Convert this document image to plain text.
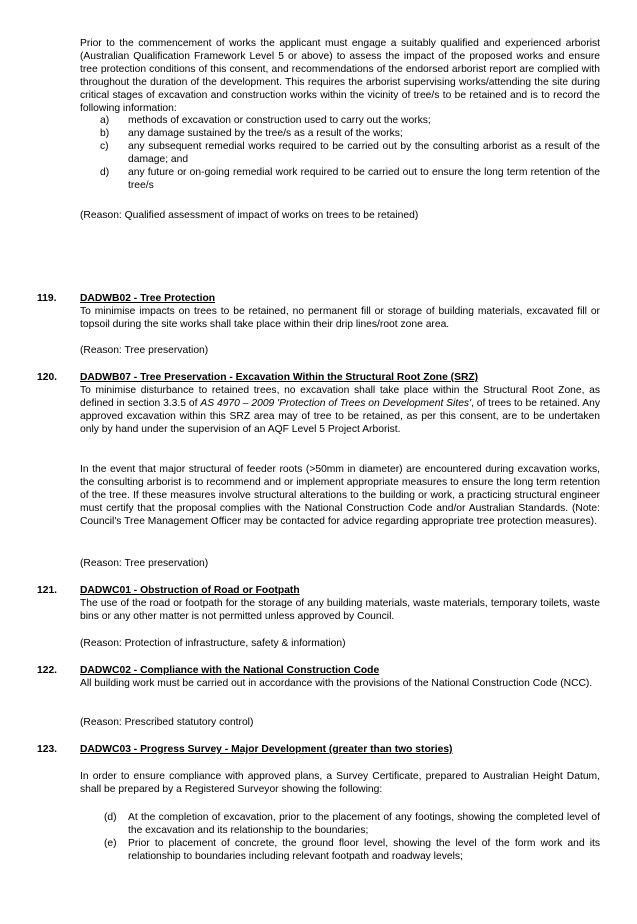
Prior to the commencement of works the applicant must engage a suitably qualified and experienced arborist (Australian Qualification Framework Level 5 or above) to assess the impact of the proposed works and ensure tree protection conditions of this consent, and recommendations of the endorsed arborist report are complied with throughout the duration of the development. This requires the arborist supervising works/attending the site during critical stages of excavation and construction works within the vicinity of tree/s to be retained and is to record the following information:

a) methods of excavation or construction used to carry out the works;
b) any damage sustained by the tree/s as a result of the works;
c) any subsequent remedial works required to be carried out by the consulting arborist as a result of the damage; and
d) any future or on-going remedial work required to be carried out to ensure the long term retention of the tree/s

(Reason: Qualified assessment of impact of works on trees to be retained)

119. DADWB02 - Tree Protection

To minimise impacts on trees to be retained, no permanent fill or storage of building materials, excavated fill or topsoil during the site works shall take place within their drip lines/root zone area.

(Reason: Tree preservation)

120. DADWB07 - Tree Preservation - Excavation Within the Structural Root Zone (SRZ)

To minimise disturbance to retained trees, no excavation shall take place within the Structural Root Zone, as defined in section 3.3.5 of AS 4970 – 2009 'Protection of Trees on Development Sites', of trees to be retained. Any approved excavation within this SRZ area may of tree to be retained, as per this consent, are to be undertaken only by hand under the supervision of an AQF Level 5 Project Arborist.

In the event that major structural of feeder roots (>50mm in diameter) are encountered during excavation works, the consulting arborist is to recommend and or implement appropriate measures to ensure the long term retention of the tree. If these measures involve structural alterations to the building or work, a practicing structural engineer must certify that the proposal complies with the National Construction Code and/or Australian Standards. (Note: Council's Tree Management Officer may be contacted for advice regarding appropriate tree protection measures).

(Reason: Tree preservation)

121. DADWC01 - Obstruction of Road or Footpath

The use of the road or footpath for the storage of any building materials, waste materials, temporary toilets, waste bins or any other matter is not permitted unless approved by Council.

(Reason: Protection of infrastructure, safety & information)

122. DADWC02 - Compliance with the National Construction Code

All building work must be carried out in accordance with the provisions of the National Construction Code (NCC).

(Reason: Prescribed statutory control)

123. DADWC03 - Progress Survey - Major Development (greater than two stories)

In order to ensure compliance with approved plans, a Survey Certificate, prepared to Australian Height Datum, shall be prepared by a Registered Surveyor showing the following:

(d) At the completion of excavation, prior to the placement of any footings, showing the completed level of the excavation and its relationship to the boundaries;
(e) Prior to placement of concrete, the ground floor level, showing the level of the form work and its relationship to boundaries including relevant footpath and roadway levels;
